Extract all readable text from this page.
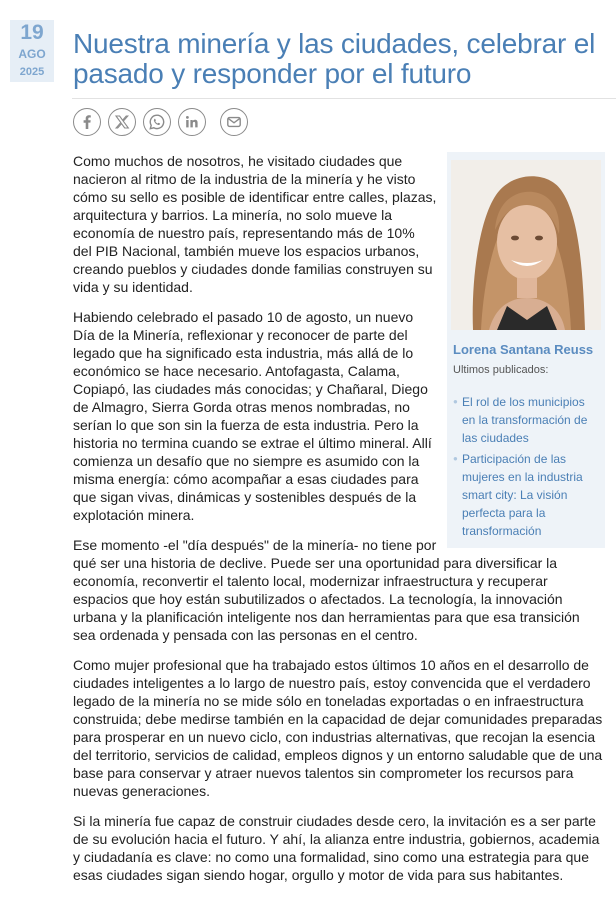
19
AGO
2025
Nuestra minería y las ciudades, celebrar el pasado y responder por el futuro
Lorena Santana Reuss
Ultimos publicados:
● El rol de los municipios en la transformación de las ciudades
● Participación de las mujeres en la industria smart city: La visión perfecta para la transformación

Como muchos de nosotros, he visitado ciudades que nacieron al ritmo de la industria de la minería y he visto cómo su sello es posible de identificar entre calles, plazas, arquitectura y barrios. La minería, no solo mueve la economía de nuestro país, representando más de 10% del PIB Nacional, también mueve los espacios urbanos, creando pueblos y ciudades donde familias construyen su vida y su identidad.

Habiendo celebrado el pasado 10 de agosto, un nuevo Día de la Minería, reflexionar y reconocer de parte del legado que ha significado esta industria, más allá de lo económico se hace necesario. Antofagasta, Calama, Copiapó, las ciudades más conocidas; y Chañaral, Diego de Almagro, Sierra Gorda otras menos nombradas, no serían lo que son sin la fuerza de esta industria. Pero la historia no termina cuando se extrae el último mineral. Allí comienza un desafío que no siempre es asumido con la misma energía: cómo acompañar a esas ciudades para que sigan vivas, dinámicas y sostenibles después de la explotación minera.

Ese momento -el "día después" de la minería- no tiene por qué ser una historia de declive. Puede ser una oportunidad para diversificar la economía, reconvertir el talento local, modernizar infraestructura y recuperar espacios que hoy están subutilizados o afectados. La tecnología, la innovación urbana y la planificación inteligente nos dan herramientas para que esa transición sea ordenada y pensada con las personas en el centro.

Como mujer profesional que ha trabajado estos últimos 10 años en el desarrollo de ciudades inteligentes a lo largo de nuestro país, estoy convencida que el verdadero legado de la minería no se mide sólo en toneladas exportadas o en infraestructura construida; debe medirse también en la capacidad de dejar comunidades preparadas para prosperar en un nuevo ciclo, con industrias alternativas, que recojan la esencia del territorio, servicios de calidad, empleos dignos y un entorno saludable que de una base para conservar y atraer nuevos talentos sin comprometer los recursos para nuevas generaciones.

Si la minería fue capaz de construir ciudades desde cero, la invitación es a ser parte de su evolución hacia el futuro. Y ahí, la alianza entre industria, gobiernos, academia y ciudadanía es clave: no como una formalidad, sino como una estrategia para que esas ciudades sigan siendo hogar, orgullo y motor de vida para sus habitantes.
